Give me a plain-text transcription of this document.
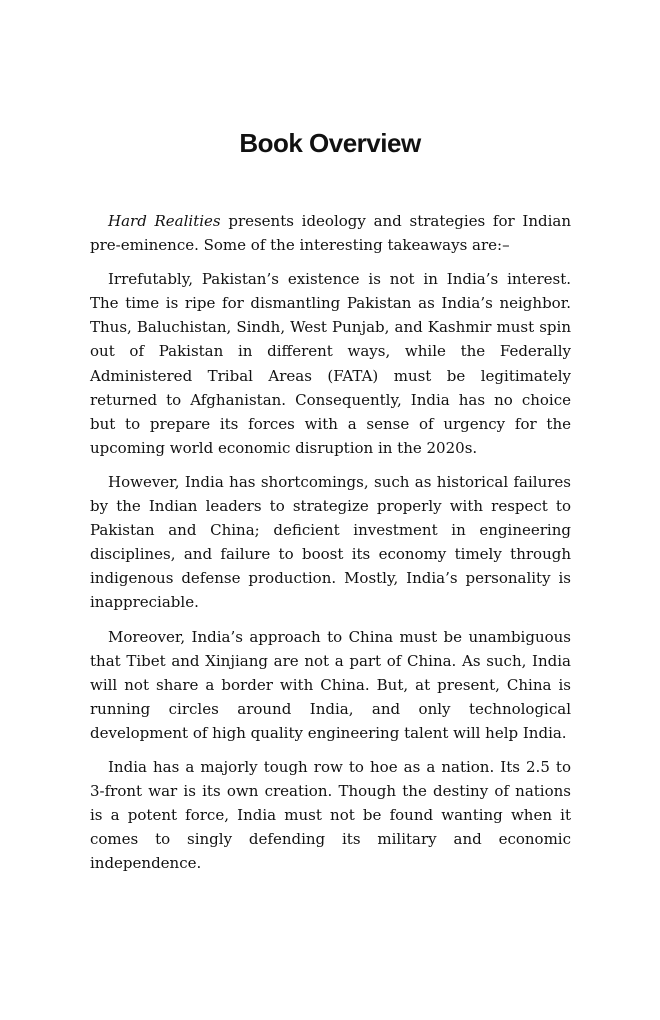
Book Overview

Hard Realities presents ideology and strategies for Indian pre-eminence. Some of the interesting takeaways are:–

Irrefutably, Pakistan’s existence is not in India’s interest. The time is ripe for dismantling Pakistan as India’s neighbor. Thus, Baluchistan, Sindh, West Punjab, and Kashmir must spin out of Pakistan in different ways, while the Federally Administered Tribal Areas (FATA) must be legitimately returned to Afghanistan. Consequently, India has no choice but to prepare its forces with a sense of urgency for the upcoming world economic disruption in the 2020s.

However, India has shortcomings, such as historical failures by the Indian leaders to strategize properly with respect to Pakistan and China; deficient investment in engineering disciplines, and failure to boost its economy timely through indigenous defense production. Mostly, India’s personality is inappreciable.

Moreover, India’s approach to China must be unambiguous that Tibet and Xinjiang are not a part of China. As such, India will not share a border with China. But, at present, China is running circles around India, and only technological development of high quality engineering talent will help India.

India has a majorly tough row to hoe as a nation. Its 2.5 to 3-front war is its own creation. Though the destiny of nations is a potent force, India must not be found wanting when it comes to singly defending its military and economic independence.
